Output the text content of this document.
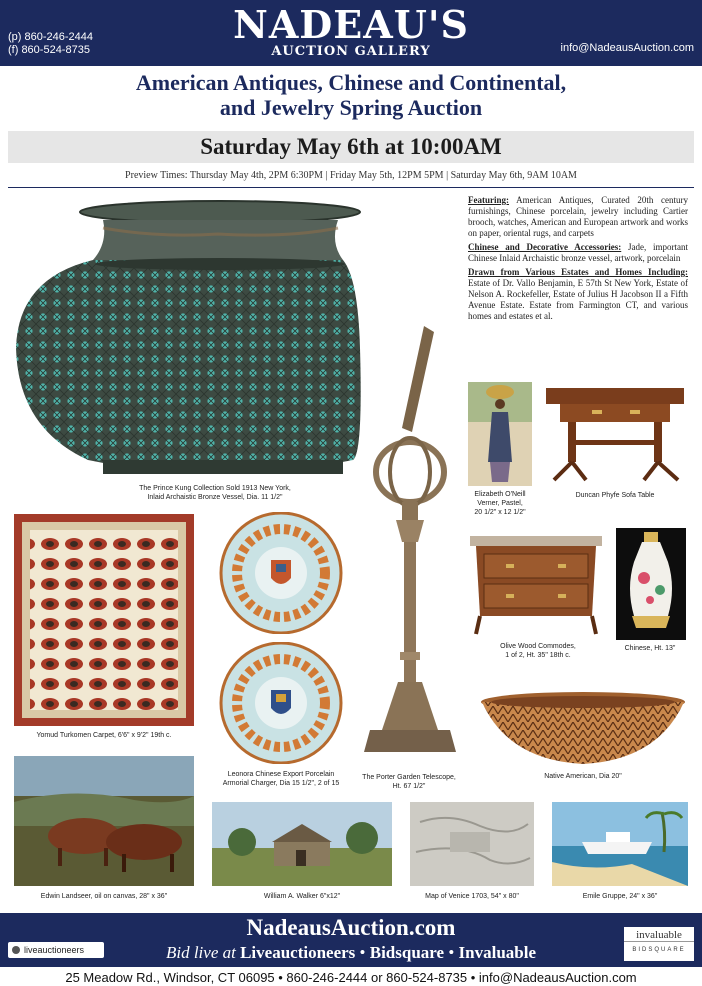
NADEAU'S
AUCTION GALLERY
(p) 860-246-2444
(f) 860-524-8735	info@NadeausAuction.com
American Antiques, Chinese and Continental,
and Jewelry Spring Auction
Saturday May 6th at 10:00AM
Preview Times: Thursday May 4th, 2PM 6:30PM | Friday May 5th, 12PM 5PM | Saturday May 6th, 9AM 10AM

Featuring: American Antiques, Curated 20th century furnishings, Chinese porcelain, jewelry including Cartier brooch, watches, American and European artwork and works on paper, oriental rugs, and carpets

Chinese and Decorative Accessories: Jade, important Chinese Inlaid Archaistic bronze vessel, artwork, porcelain

Drawn from Various Estates and Homes Including: Estate of Dr. Vallo Benjamin, E 57th St New York, Estate of Nelson A. Rockefeller, Estate of Julius H Jacobson II a Fifth Avenue Estate. Estate from Farmington CT, and various homes and estates et al.

The Prince Kung Collection Sold 1913 New York,
Inlaid Archaistic Bronze Vessel, Dia. 11 1/2"	Elizabeth O'Neill
Verner, Pastel,
20 1/2" x 12 1/2"
Duncan Phyfe Sofa Table
Yomud Turkomen Carpet, 6'6" x 9'2" 19th c.
Leonora Chinese Export Porcelain
Armorial Charger, Dia 15 1/2", 2 of 15
The Porter Garden Telescope,
Ht. 67 1/2"
Olive Wood Commodes,
1 of 2, Ht. 35" 18th c.
Chinese, Ht. 13"
Native American, Dia 20"
Edwin Landseer, oil on canvas, 28" x 36"	William A. Walker 6"x12"	Map of Venice 1703, 54" x 80"	Emile Gruppe, 24" x 36"
NadeausAuction.com
Bid live at Liveauctioneers • Bidsquare • Invaluable
liveauctioneers
invaluable
BIDSQUARE
25 Meadow Rd., Windsor, CT 06095 • 860-246-2444 or 860-524-8735 • info@NadeausAuction.com
